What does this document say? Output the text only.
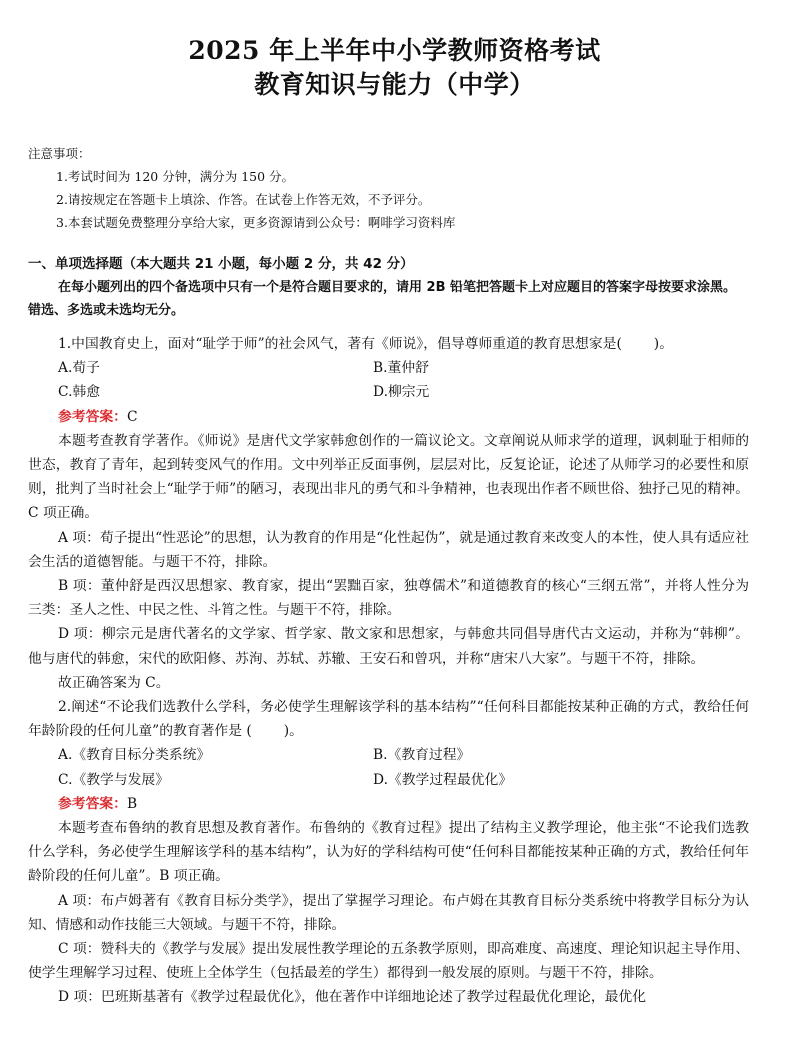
2025 年上半年中小学教师资格考试
教育知识与能力（中学）
注意事项：
1.考试时间为 120 分钟，满分为 150 分。
2.请按规定在答题卡上填涂、作答。在试卷上作答无效，不予评分。
3.本套试题免费整理分享给大家，更多资源请到公众号：啊啡学习资料库
一、单项选择题（本大题共 21 小题，每小题 2 分，共 42 分）
在每小题列出的四个备选项中只有一个是符合题目要求的，请用 2B 铅笔把答题卡上对应题目的答案字母按要求涂黑。错选、多选或未选均无分。
1.中国教育史上，面对“耻学于师”的社会风气，著有《师说》，倡导尊师重道的教育思想家是(　　 )。
A.荀子	B.董仲舒
C.韩愈	D.柳宗元
参考答案：C
本题考查教育学著作。《师说》是唐代文学家韩愈创作的一篇议论文。文章阐说从师求学的道理，讽刺耻于相师的世态，教育了青年，起到转变风气的作用。文中列举正反面事例，层层对比，反复论证，论述了从师学习的必要性和原则，批判了当时社会上“耻学于师”的陋习，表现出非凡的勇气和斗争精神，也表现出作者不顾世俗、独抒己见的精神。C 项正确。
A 项：荀子提出“性恶论”的思想，认为教育的作用是“化性起伪”，就是通过教育来改变人的本性，使人具有适应社会生活的道德智能。与题干不符，排除。
B 项：董仲舒是西汉思想家、教育家，提出“罢黜百家，独尊儒术”和道德教育的核心“三纲五常”，并将人性分为三类：圣人之性、中民之性、斗筲之性。与题干不符，排除。
D 项：柳宗元是唐代著名的文学家、哲学家、散文家和思想家，与韩愈共同倡导唐代古文运动，并称为“韩柳”。他与唐代的韩愈，宋代的欧阳修、苏洵、苏轼、苏辙、王安石和曾巩，并称“唐宋八大家”。与题干不符，排除。
故正确答案为 C。
2.阐述“不论我们选教什么学科，务必使学生理解该学科的基本结构”“任何科目都能按某种正确的方式，教给任何年龄阶段的任何儿童”的教育著作是 (　　 )。
A.《教育目标分类系统》	B.《教育过程》
C.《教学与发展》	D.《教学过程最优化》
参考答案：B
本题考查布鲁纳的教育思想及教育著作。布鲁纳的《教育过程》提出了结构主义教学理论，他主张“不论我们选教什么学科，务必使学生理解该学科的基本结构”，认为好的学科结构可使“任何科目都能按某种正确的方式，教给任何年龄阶段的任何儿童”。B 项正确。
A 项：布卢姆著有《教育目标分类学》，提出了掌握学习理论。布卢姆在其教育目标分类系统中将教学目标分为认知、情感和动作技能三大领域。与题干不符，排除。
C 项：赞科夫的《教学与发展》提出发展性教学理论的五条教学原则，即高难度、高速度、理论知识起主导作用、使学生理解学习过程、使班上全体学生（包括最差的学生）都得到一般发展的原则。与题干不符，排除。
D 项：巴班斯基著有《教学过程最优化》，他在著作中详细地论述了教学过程最优化理论，最优化
